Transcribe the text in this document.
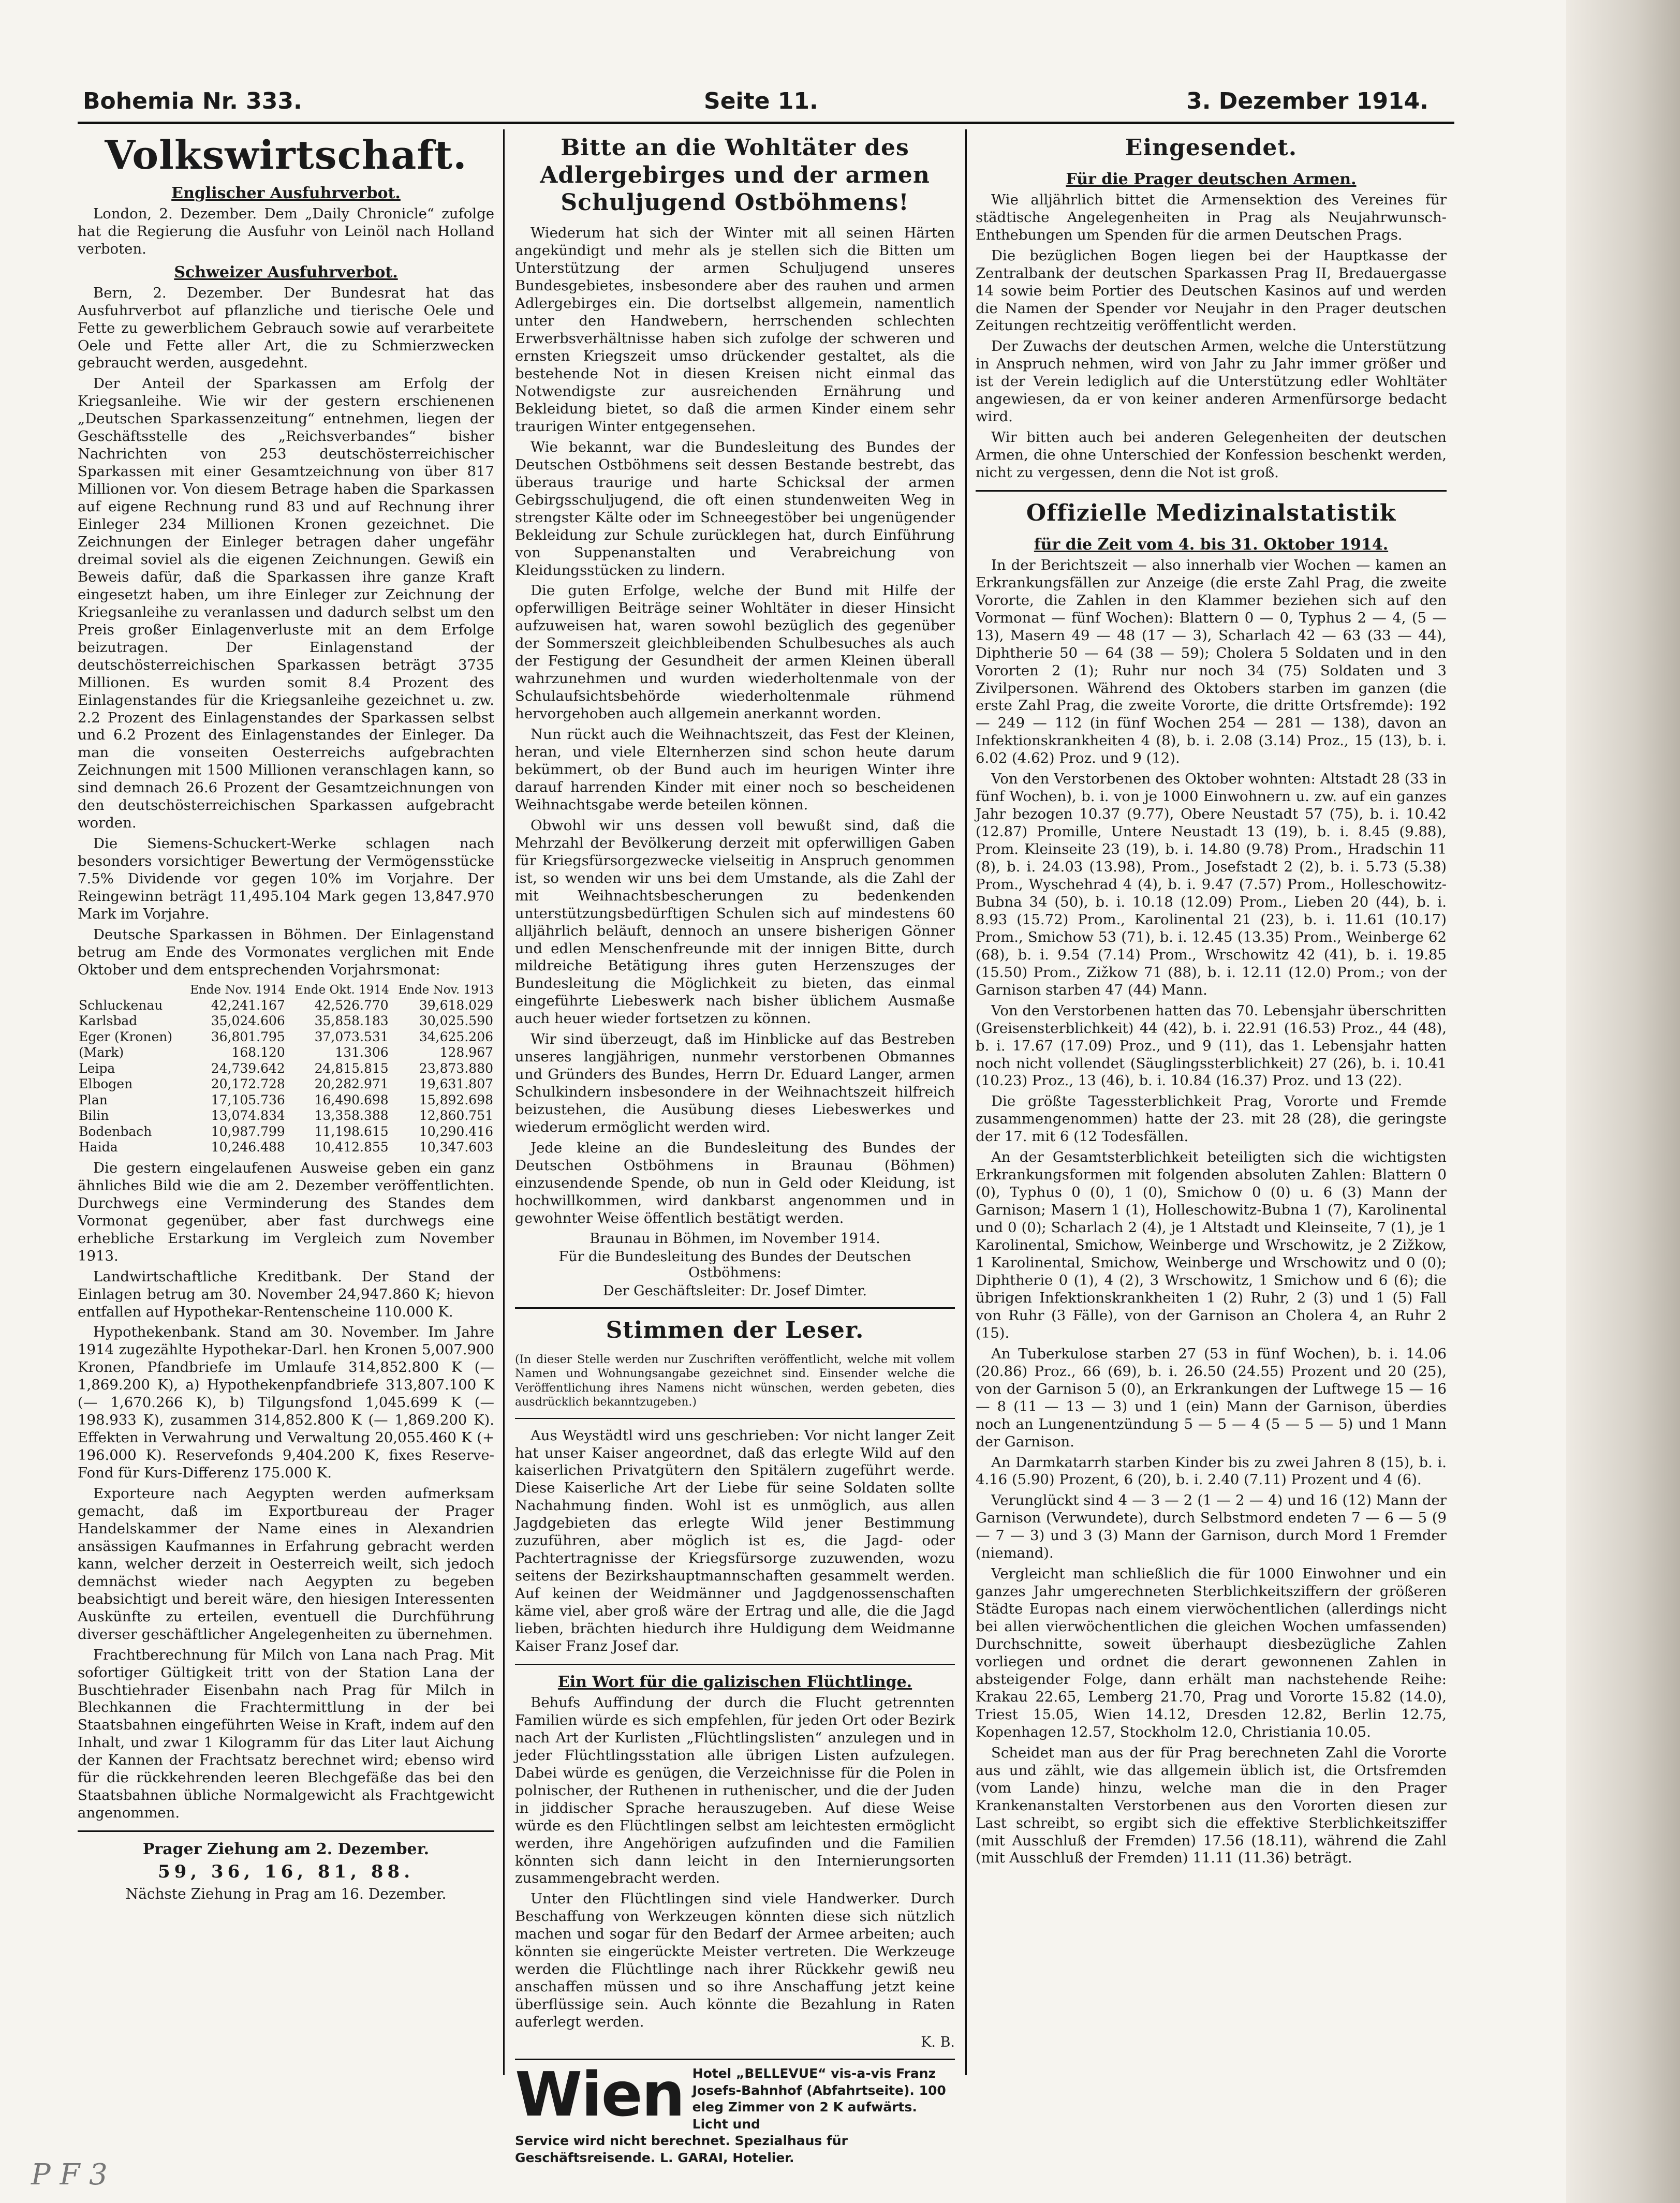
Bohemia Nr. 333.	Seite 11.	3. Dezember 1914.
Volkswirtschaft.
Englischer Ausfuhrverbot.

London, 2. Dezember. Dem „Daily Chronicle“ zufolge hat die Regierung die Ausfuhr von Leinöl nach Holland verboten.

Schweizer Ausfuhrverbot.

Bern, 2. Dezember. Der Bundesrat hat das Ausfuhrverbot auf pflanzliche und tierische Oele und Fette zu gewerblichem Gebrauch sowie auf verarbeitete Oele und Fette aller Art, die zu Schmierzwecken gebraucht werden, ausgedehnt.

Der Anteil der Sparkassen am Erfolg der Kriegsanleihe. Wie wir der gestern erschienenen „Deutschen Sparkassenzeitung“ entnehmen, liegen der Geschäftsstelle des „Reichsverbandes“ bisher Nachrichten von 253 deutschösterreichischer Sparkassen mit einer Gesamtzeichnung von über 817 Millionen vor. Von diesem Betrage haben die Sparkassen auf eigene Rechnung rund 83 und auf Rechnung ihrer Einleger 234 Millionen Kronen gezeichnet. Die Zeichnungen der Einleger betragen daher ungefähr dreimal soviel als die eigenen Zeichnungen. Gewiß ein Beweis dafür, daß die Sparkassen ihre ganze Kraft eingesetzt haben, um ihre Einleger zur Zeichnung der Kriegsanleihe zu veranlassen und dadurch selbst um den Preis großer Einlagenverluste mit an dem Erfolge beizutragen. Der Einlagenstand der deutschösterreichischen Sparkassen beträgt 3735 Millionen. Es wurden somit 8.4 Prozent des Einlagenstandes für die Kriegsanleihe gezeichnet u. zw. 2.2 Prozent des Einlagenstandes der Sparkassen selbst und 6.2 Prozent des Einlagenstandes der Einleger. Da man die vonseiten Oesterreichs aufgebrachten Zeichnungen mit 1500 Millionen veranschlagen kann, so sind demnach 26.6 Prozent der Gesamtzeichnungen von den deutschösterreichischen Sparkassen aufgebracht worden.

Die Siemens-Schuckert-Werke schlagen nach besonders vorsichtiger Bewertung der Vermögensstücke 7.5% Dividende vor gegen 10% im Vorjahre. Der Reingewinn beträgt 11,495.104 Mark gegen 13,847.970 Mark im Vorjahre.

Deutsche Sparkassen in Böhmen. Der Einlagenstand betrug am Ende des Vormonates verglichen mit Ende Oktober und dem entsprechenden Vorjahrsmonat:

	Ende Nov. 1914	Ende Okt. 1914	Ende Nov. 1913
Schluckenau	42,241.167	42,526.770	39,618.029
Karlsbad	35,024.606	35,858.183	30,025.590
Eger (Kronen)	36,801.795	37,073.531	34,625.206
(Mark)	168.120	131.306	128.967
Leipa	24,739.642	24,815.815	23,873.880
Elbogen	20,172.728	20,282.971	19,631.807
Plan	17,105.736	16,490.698	15,892.698
Bilin	13,074.834	13,358.388	12,860.751
Bodenbach	10,987.799	11,198.615	10,290.416
Haida	10,246.488	10,412.855	10,347.603

Die gestern eingelaufenen Ausweise geben ein ganz ähnliches Bild wie die am 2. Dezember veröffentlichten. Durchwegs eine Verminderung des Standes dem Vormonat gegenüber, aber fast durchwegs eine erhebliche Erstarkung im Vergleich zum November 1913.

Landwirtschaftliche Kreditbank. Der Stand der Einlagen betrug am 30. November 24,947.860 K; hievon entfallen auf Hypothekar-Rentenscheine 110.000 K.

Hypothekenbank. Stand am 30. November. Im Jahre 1914 zugezählte Hypothekar-Darl. hen Kronen 5,007.900 Kronen, Pfandbriefe im Umlaufe 314,852.800 K (— 1,869.200 K), a) Hypothekenpfandbriefe 313,807.100 K (— 1,670.266 K), b) Tilgungsfond 1,045.699 K (— 198.933 K), zusammen 314,852.800 K (— 1,869.200 K). Effekten in Verwahrung und Verwaltung 20,055.460 K (+ 196.000 K). Reservefonds 9,404.200 K, fixes Reserve-Fond für Kurs-Differenz 175.000 K.

Exporteure nach Aegypten werden aufmerksam gemacht, daß im Exportbureau der Prager Handelskammer der Name eines in Alexandrien ansässigen Kaufmannes in Erfahrung gebracht werden kann, welcher derzeit in Oesterreich weilt, sich jedoch demnächst wieder nach Aegypten zu begeben beabsichtigt und bereit wäre, den hiesigen Interessenten Auskünfte zu erteilen, eventuell die Durchführung diverser geschäftlicher Angelegenheiten zu übernehmen.

Frachtberechnung für Milch von Lana nach Prag. Mit sofortiger Gültigkeit tritt von der Station Lana der Buschtiehrader Eisenbahn nach Prag für Milch in Blechkannen die Frachtermittlung in der bei Staatsbahnen eingeführten Weise in Kraft, indem auf den Inhalt, und zwar 1 Kilogramm für das Liter laut Aichung der Kannen der Frachtsatz berechnet wird; ebenso wird für die rückkehrenden leeren Blechgefäße das bei den Staatsbahnen übliche Normalgewicht als Frachtgewicht angenommen.

Prager Ziehung am 2. Dezember.
59, 36, 16, 81, 88.
Nächste Ziehung in Prag am 16. Dezember.
Bitte an die Wohltäter des Adlergebirges und der armen Schuljugend Ostböhmens!

Wiederum hat sich der Winter mit all seinen Härten angekündigt und mehr als je stellen sich die Bitten um Unterstützung der armen Schuljugend unseres Bundesgebietes, insbesondere aber des rauhen und armen Adlergebirges ein. Die dortselbst allgemein, namentlich unter den Handwebern, herrschenden schlechten Erwerbsverhältnisse haben sich zufolge der schweren und ernsten Kriegszeit umso drückender gestaltet, als die bestehende Not in diesen Kreisen nicht einmal das Notwendigste zur ausreichenden Ernährung und Bekleidung bietet, so daß die armen Kinder einem sehr traurigen Winter entgegensehen.

Wie bekannt, war die Bundesleitung des Bundes der Deutschen Ostböhmens seit dessen Bestande bestrebt, das überaus traurige und harte Schicksal der armen Gebirgsschuljugend, die oft einen stundenweiten Weg in strengster Kälte oder im Schneegestöber bei ungenügender Bekleidung zur Schule zurücklegen hat, durch Einführung von Suppenanstalten und Verabreichung von Kleidungsstücken zu lindern.

Die guten Erfolge, welche der Bund mit Hilfe der opferwilligen Beiträge seiner Wohltäter in dieser Hinsicht aufzuweisen hat, waren sowohl bezüglich des gegenüber der Sommerszeit gleichbleibenden Schulbesuches als auch der Festigung der Gesundheit der armen Kleinen überall wahrzunehmen und wurden wiederholtenmale von der Schulaufsichtsbehörde wiederholtenmale rühmend hervorgehoben auch allgemein anerkannt worden.

Nun rückt auch die Weihnachtszeit, das Fest der Kleinen, heran, und viele Elternherzen sind schon heute darum bekümmert, ob der Bund auch im heurigen Winter ihre darauf harrenden Kinder mit einer noch so bescheidenen Weihnachtsgabe werde beteilen können.

Obwohl wir uns dessen voll bewußt sind, daß die Mehrzahl der Bevölkerung derzeit mit opferwilligen Gaben für Kriegsfürsorgezwecke vielseitig in Anspruch genommen ist, so wenden wir uns bei dem Umstande, als die Zahl der mit Weihnachtsbescherungen zu bedenkenden unterstützungsbedürftigen Schulen sich auf mindestens 60 alljährlich beläuft, dennoch an unsere bisherigen Gönner und edlen Menschenfreunde mit der innigen Bitte, durch mildreiche Betätigung ihres guten Herzenszuges der Bundesleitung die Möglichkeit zu bieten, das einmal eingeführte Liebeswerk nach bisher üblichem Ausmaße auch heuer wieder fortsetzen zu können.

Wir sind überzeugt, daß im Hinblicke auf das Bestreben unseres langjährigen, nunmehr verstorbenen Obmannes und Gründers des Bundes, Herrn Dr. Eduard Langer, armen Schulkindern insbesondere in der Weihnachtszeit hilfreich beizustehen, die Ausübung dieses Liebeswerkes und wiederum ermöglicht werden wird.

Jede kleine an die Bundesleitung des Bundes der Deutschen Ostböhmens in Braunau (Böhmen) einzusendende Spende, ob nun in Geld oder Kleidung, ist hochwillkommen, wird dankbarst angenommen und in gewohnter Weise öffentlich bestätigt werden.

Braunau in Böhmen, im November 1914.
Für die Bundesleitung des Bundes der Deutschen Ostböhmens:
Der Geschäftsleiter: Dr. Josef Dimter.
Stimmen der Leser.

(In dieser Stelle werden nur Zuschriften veröffentlicht, welche mit vollem Namen und Wohnungsangabe gezeichnet sind. Einsender welche die Veröffentlichung ihres Namens nicht wünschen, werden gebeten, dies ausdrücklich bekanntzugeben.)

Aus Weystädtl wird uns geschrieben: Vor nicht langer Zeit hat unser Kaiser angeordnet, daß das erlegte Wild auf den kaiserlichen Privatgütern den Spitälern zugeführt werde. Diese Kaiserliche Art der Liebe für seine Soldaten sollte Nachahmung finden. Wohl ist es unmöglich, aus allen Jagdgebieten das erlegte Wild jener Bestimmung zuzuführen, aber möglich ist es, die Jagd- oder Pachtertragnisse der Kriegsfürsorge zuzuwenden, wozu seitens der Bezirkshauptmannschaften gesammelt werden. Auf keinen der Weidmänner und Jagdgenossenschaften käme viel, aber groß wäre der Ertrag und alle, die die Jagd lieben, brächten hiedurch ihre Huldigung dem Weidmanne Kaiser Franz Josef dar.

Ein Wort für die galizischen Flüchtlinge.

Behufs Auffindung der durch die Flucht getrennten Familien würde es sich empfehlen, für jeden Ort oder Bezirk nach Art der Kurlisten „Flüchtlingslisten“ anzulegen und in jeder Flüchtlingsstation alle übrigen Listen aufzulegen. Dabei würde es genügen, die Verzeichnisse für die Polen in polnischer, der Ruthenen in ruthenischer, und die der Juden in jiddischer Sprache herauszugeben. Auf diese Weise würde es den Flüchtlingen selbst am leichtesten ermöglicht werden, ihre Angehörigen aufzufinden und die Familien könnten sich dann leicht in den Internierungsorten zusammengebracht werden.

Unter den Flüchtlingen sind viele Handwerker. Durch Beschaffung von Werkzeugen könnten diese sich nützlich machen und sogar für den Bedarf der Armee arbeiten; auch könnten sie eingerückte Meister vertreten. Die Werkzeuge werden die Flüchtlinge nach ihrer Rückkehr gewiß neu anschaffen müssen und so ihre Anschaffung jetzt keine überflüssige sein. Auch könnte die Bezahlung in Raten auferlegt werden.

K. B.
Wien Hotel „BELLEVUE“ vis-a-vis Franz Josefs-Bahnhof (Abfahrtseite). 100 eleg Zimmer von 2 K aufwärts. Licht und
Service wird nicht berechnet. Spezialhaus für Geschäftsreisende. L. GARAI, Hotelier.
Eingesendet.
Für die Prager deutschen Armen.

Wie alljährlich bittet die Armensektion des Vereines für städtische Angelegenheiten in Prag als Neujahrwunsch-Enthebungen um Spenden für die armen Deutschen Prags.

Die bezüglichen Bogen liegen bei der Hauptkasse der Zentralbank der deutschen Sparkassen Prag II, Bredauergasse 14 sowie beim Portier des Deutschen Kasinos auf und werden die Namen der Spender vor Neujahr in den Prager deutschen Zeitungen rechtzeitig veröffentlicht werden.

Der Zuwachs der deutschen Armen, welche die Unterstützung in Anspruch nehmen, wird von Jahr zu Jahr immer größer und ist der Verein lediglich auf die Unterstützung edler Wohltäter angewiesen, da er von keiner anderen Armenfürsorge bedacht wird.

Wir bitten auch bei anderen Gelegenheiten der deutschen Armen, die ohne Unterschied der Konfession beschenkt werden, nicht zu vergessen, denn die Not ist groß.

Offizielle Medizinalstatistik
für die Zeit vom 4. bis 31. Oktober 1914.

In der Berichtszeit — also innerhalb vier Wochen — kamen an Erkrankungsfällen zur Anzeige (die erste Zahl Prag, die zweite Vororte, die Zahlen in den Klammer beziehen sich auf den Vormonat — fünf Wochen): Blattern 0 — 0, Typhus 2 — 4, (5 — 13), Masern 49 — 48 (17 — 3), Scharlach 42 — 63 (33 — 44), Diphtherie 50 — 64 (38 — 59); Cholera 5 Soldaten und in den Vororten 2 (1); Ruhr nur noch 34 (75) Soldaten und 3 Zivilpersonen. Während des Oktobers starben im ganzen (die erste Zahl Prag, die zweite Vororte, die dritte Ortsfremde): 192 — 249 — 112 (in fünf Wochen 254 — 281 — 138), davon an Infektionskrankheiten 4 (8), b. i. 2.08 (3.14) Proz., 15 (13), b. i. 6.02 (4.62) Proz. und 9 (12).

Von den Verstorbenen des Oktober wohnten: Altstadt 28 (33 in fünf Wochen), b. i. von je 1000 Einwohnern u. zw. auf ein ganzes Jahr bezogen 10.37 (9.77), Obere Neustadt 57 (75), b. i. 10.42 (12.87) Promille, Untere Neustadt 13 (19), b. i. 8.45 (9.88), Prom. Kleinseite 23 (19), b. i. 14.80 (9.78) Prom., Hradschin 11 (8), b. i. 24.03 (13.98), Prom., Josefstadt 2 (2), b. i. 5.73 (5.38) Prom., Wyschehrad 4 (4), b. i. 9.47 (7.57) Prom., Holleschowitz-Bubna 34 (50), b. i. 10.18 (12.09) Prom., Lieben 20 (44), b. i. 8.93 (15.72) Prom., Karolinental 21 (23), b. i. 11.61 (10.17) Prom., Smichow 53 (71), b. i. 12.45 (13.35) Prom., Weinberge 62 (68), b. i. 9.54 (7.14) Prom., Wrschowitz 42 (41), b. i. 19.85 (15.50) Prom., Zižkow 71 (88), b. i. 12.11 (12.0) Prom.; von der Garnison starben 47 (44) Mann.

Von den Verstorbenen hatten das 70. Lebensjahr überschritten (Greisensterblichkeit) 44 (42), b. i. 22.91 (16.53) Proz., 44 (48), b. i. 17.67 (17.09) Proz., und 9 (11), das 1. Lebensjahr hatten noch nicht vollendet (Säuglingssterblichkeit) 27 (26), b. i. 10.41 (10.23) Proz., 13 (46), b. i. 10.84 (16.37) Proz. und 13 (22).

Die größte Tagessterblichkeit Prag, Vororte und Fremde zusammengenommen) hatte der 23. mit 28 (28), die geringste der 17. mit 6 (12 Todesfällen.

An der Gesamtsterblichkeit beteiligten sich die wichtigsten Erkrankungsformen mit folgenden absoluten Zahlen: Blattern 0 (0), Typhus 0 (0), 1 (0), Smichow 0 (0) u. 6 (3) Mann der Garnison; Masern 1 (1), Holleschowitz-Bubna 1 (7), Karolinental und 0 (0); Scharlach 2 (4), je 1 Altstadt und Kleinseite, 7 (1), je 1 Karolinental, Smichow, Weinberge und Wrschowitz, je 2 Zižkow, 1 Karolinental, Smichow, Weinberge und Wrschowitz und 0 (0); Diphtherie 0 (1), 4 (2), 3 Wrschowitz, 1 Smichow und 6 (6); die übrigen Infektionskrankheiten 1 (2) Ruhr, 2 (3) und 1 (5) Fall von Ruhr (3 Fälle), von der Garnison an Cholera 4, an Ruhr 2 (15).

An Tuberkulose starben 27 (53 in fünf Wochen), b. i. 14.06 (20.86) Proz., 66 (69), b. i. 26.50 (24.55) Prozent und 20 (25), von der Garnison 5 (0), an Erkrankungen der Luftwege 15 — 16 — 8 (11 — 13 — 3) und 1 (ein) Mann der Garnison, überdies noch an Lungenentzündung 5 — 5 — 4 (5 — 5 — 5) und 1 Mann der Garnison.

An Darmkatarrh starben Kinder bis zu zwei Jahren 8 (15), b. i. 4.16 (5.90) Prozent, 6 (20), b. i. 2.40 (7.11) Prozent und 4 (6).

Verunglückt sind 4 — 3 — 2 (1 — 2 — 4) und 16 (12) Mann der Garnison (Verwundete), durch Selbstmord endeten 7 — 6 — 5 (9 — 7 — 3) und 3 (3) Mann der Garnison, durch Mord 1 Fremder (niemand).

Vergleicht man schließlich die für 1000 Einwohner und ein ganzes Jahr umgerechneten Sterblichkeitsziffern der größeren Städte Europas nach einem vierwöchentlichen (allerdings nicht bei allen vierwöchentlichen die gleichen Wochen umfassenden) Durchschnitte, soweit überhaupt diesbezügliche Zahlen vorliegen und ordnet die derart gewonnenen Zahlen in absteigender Folge, dann erhält man nachstehende Reihe: Krakau 22.65, Lemberg 21.70, Prag und Vororte 15.82 (14.0), Triest 15.05, Wien 14.12, Dresden 12.82, Berlin 12.75, Kopenhagen 12.57, Stockholm 12.0, Christiania 10.05.

Scheidet man aus der für Prag berechneten Zahl die Vororte aus und zählt, wie das allgemein üblich ist, die Ortsfremden (vom Lande) hinzu, welche man die in den Prager Krankenanstalten Verstorbenen aus den Vororten diesen zur Last schreibt, so ergibt sich die effektive Sterblichkeitsziffer (mit Ausschluß der Fremden) 17.56 (18.11), während die Zahl (mit Ausschluß der Fremden) 11.11 (11.36) beträgt.

P F 3
